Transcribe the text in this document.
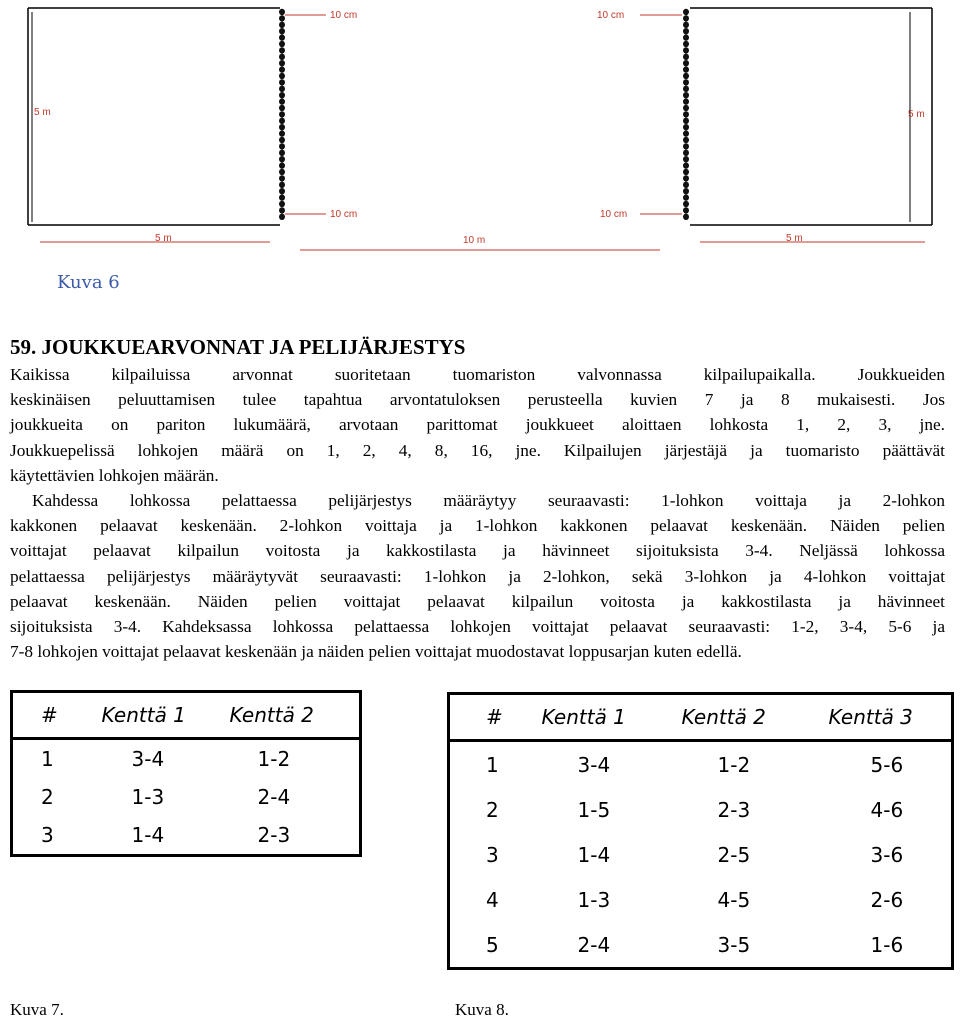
10 cm
10 cm
5 m
5 m	10 m
10 cm
10 cm
5 m
5 m
Kuva 6
59. JOUKKUEARVONNAT JA PELIJÄRJESTYS
Kaikissa kilpailuissa arvonnat suoritetaan tuomariston valvonnassa kilpailupaikalla. Joukkueiden
keskinäisen peluuttamisen tulee tapahtua arvontatuloksen perusteella kuvien 7 ja 8 mukaisesti. Jos
joukkueita on pariton lukumäärä, arvotaan parittomat joukkueet aloittaen lohkosta 1, 2, 3, jne.
Joukkuepelissä lohkojen määrä on 1, 2, 4, 8, 16, jne. Kilpailujen järjestäjä ja tuomaristo päättävät
käytettävien lohkojen määrän.
Kahdessa lohkossa pelattaessa pelijärjestys määräytyy seuraavasti: 1-lohkon voittaja ja 2-lohkon
kakkonen pelaavat keskenään. 2-lohkon voittaja ja 1-lohkon kakkonen pelaavat keskenään. Näiden pelien
voittajat pelaavat kilpailun voitosta ja kakkostilasta ja hävinneet sijoituksista 3-4. Neljässä lohkossa
pelattaessa pelijärjestys määräytyvät seuraavasti: 1-lohkon ja 2-lohkon, sekä 3-lohkon ja 4-lohkon voittajat
pelaavat keskenään. Näiden pelien voittajat pelaavat kilpailun voitosta ja kakkostilasta ja hävinneet
sijoituksista 3-4. Kahdeksassa lohkossa pelattaessa lohkojen voittajat pelaavat seuraavasti: 1-2, 3-4, 5-6 ja
7-8 lohkojen voittajat pelaavat keskenään ja näiden pelien voittajat muodostavat loppusarjan kuten edellä.
#	Kenttä 1	Kenttä 2
1	3-4	1-2
2	1-3	2-4
3	1-4	2-3
#	Kenttä 1	Kenttä 2	Kenttä 3
1	3-4	1-2	5-6
2	1-5	2-3	4-6
3	1-4	2-5	3-6
4	1-3	4-5	2-6
5	2-4	3-5	1-6
Kuva 7.	Kuva 8.
